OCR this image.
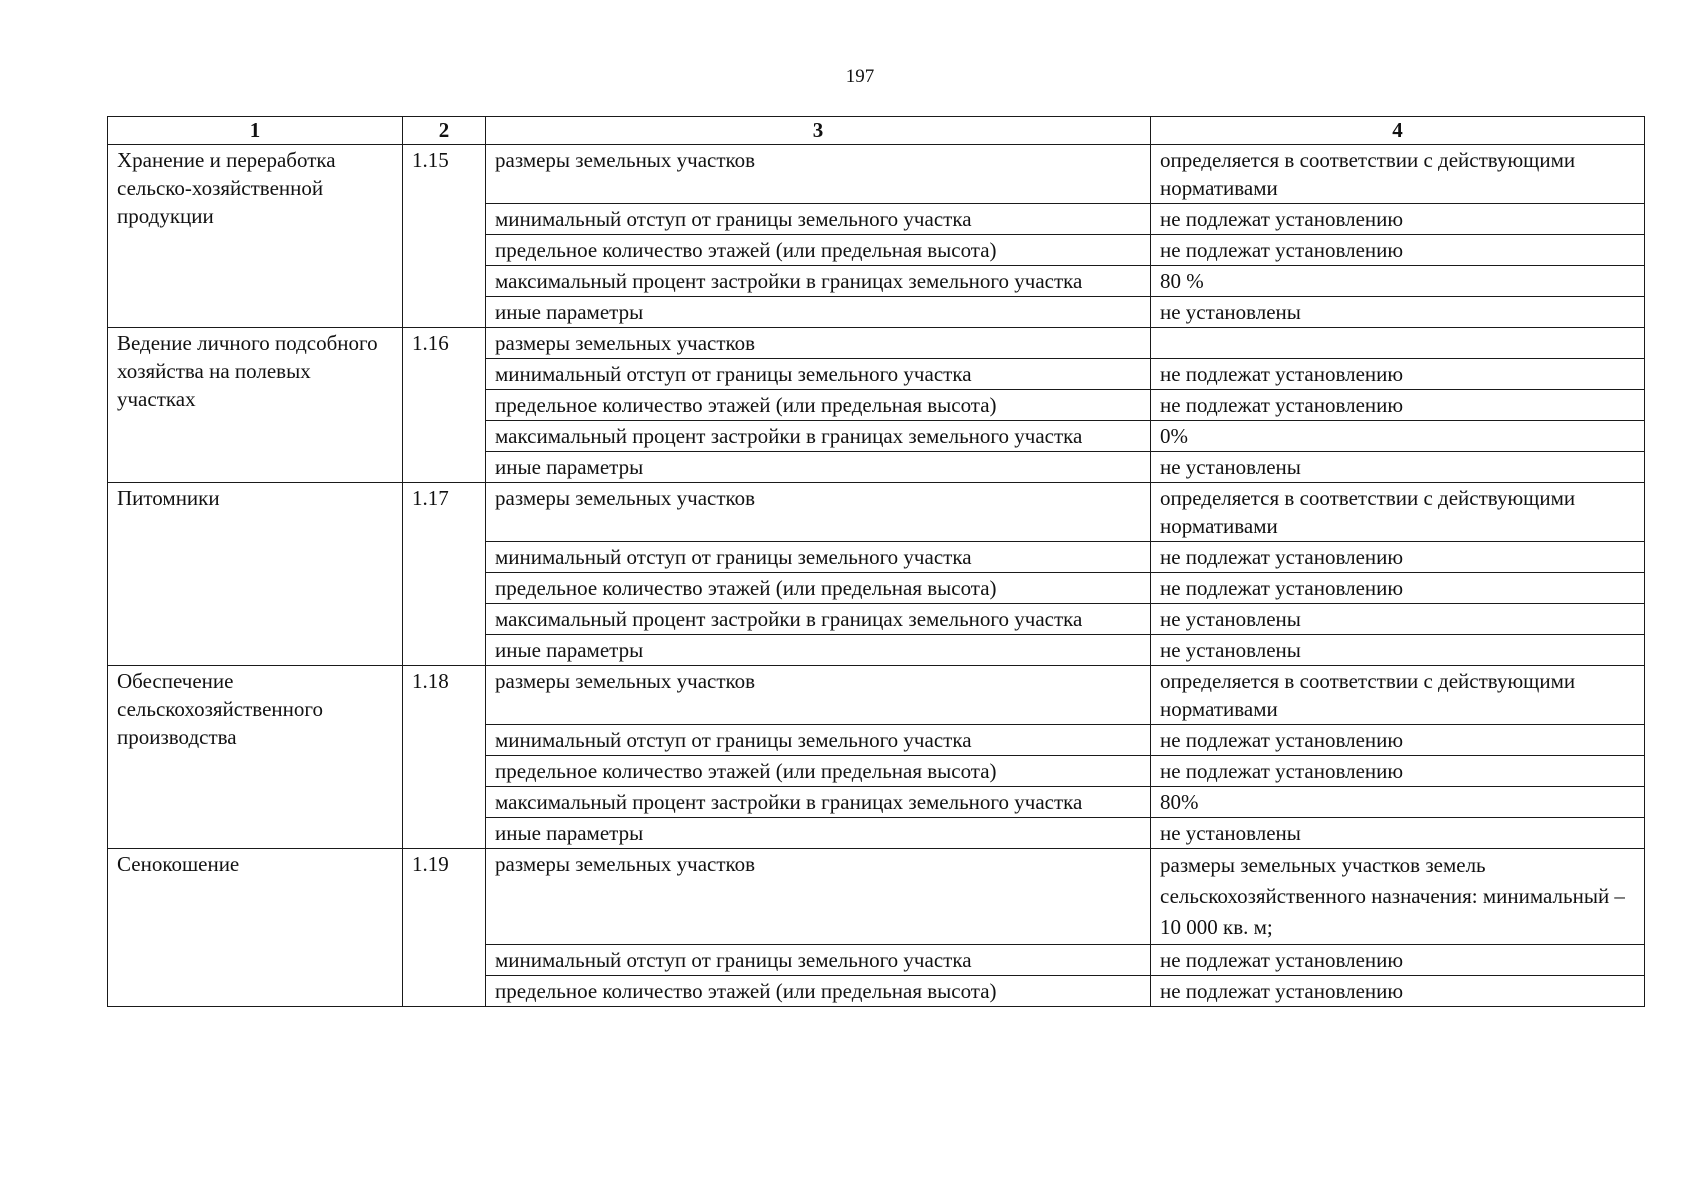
197
1	2	3	4
Хранение и переработка сельско-хозяйственной продукции	1.15	размеры земельных участков	определяется в соответствии с действующими нормативами
		минимальный отступ от границы земельного участка	не подлежат установлению
		предельное количество этажей (или предельная высота)	не подлежат установлению
		максимальный процент застройки в границах земельного участка	80 %
		иные параметры	не установлены
Ведение личного подсобного хозяйства на полевых участках	1.16	размеры земельных участков	
		минимальный отступ от границы земельного участка	не подлежат установлению
		предельное количество этажей (или предельная высота)	не подлежат установлению
		максимальный процент застройки в границах земельного участка	0%
		иные параметры	не установлены
Питомники	1.17	размеры земельных участков	определяется в соответствии с действующими нормативами
		минимальный отступ от границы земельного участка	не подлежат установлению
		предельное количество этажей (или предельная высота)	не подлежат установлению
		максимальный процент застройки в границах земельного участка	не установлены
		иные параметры	не установлены
Обеспечение сельскохозяйственного производства	1.18	размеры земельных участков	определяется в соответствии с действующими нормативами
		минимальный отступ от границы земельного участка	не подлежат установлению
		предельное количество этажей (или предельная высота)	не подлежат установлению
		максимальный процент застройки в границах земельного участка	80%
		иные параметры	не установлены
Сенокошение	1.19	размеры земельных участков	размеры земельных участков земель сельскохозяйственного назначения: минимальный – 10 000 кв. м;
		минимальный отступ от границы земельного участка	не подлежат установлению
		предельное количество этажей (или предельная высота)	не подлежат установлению
